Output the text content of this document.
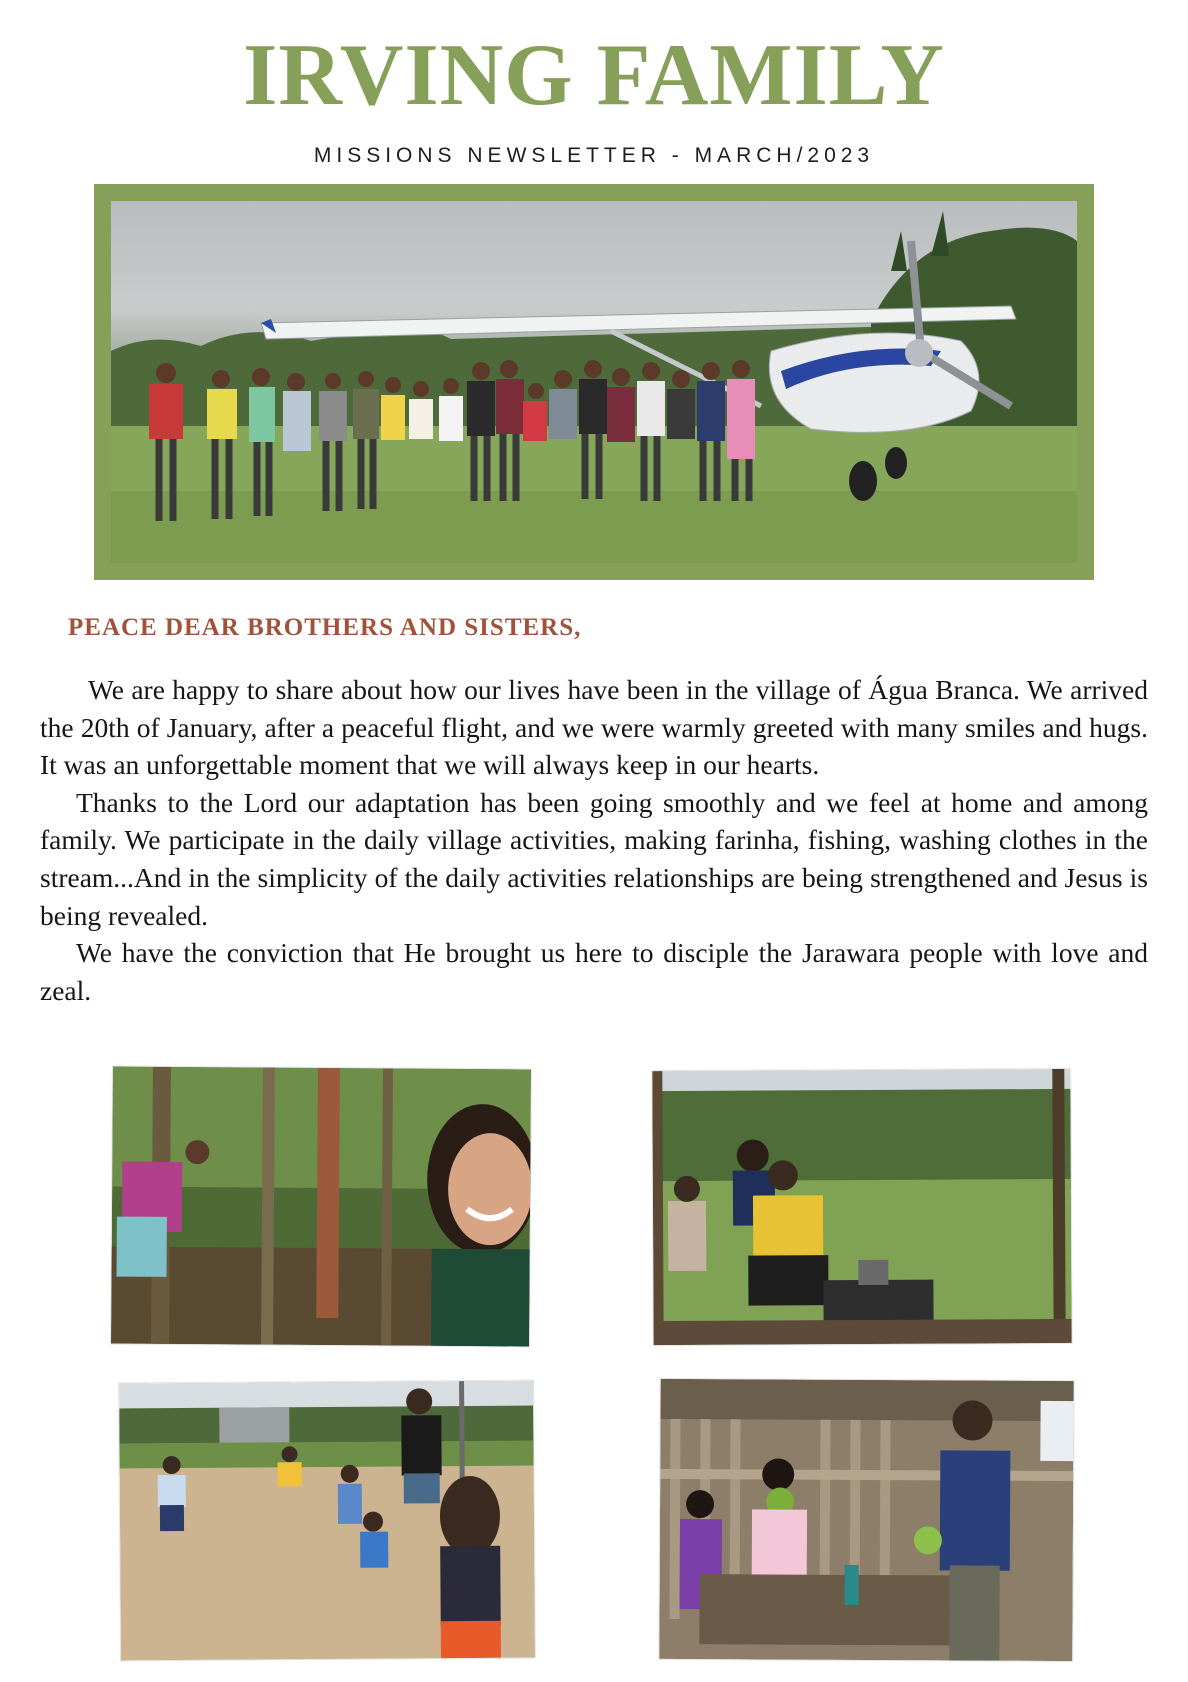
IRVING FAMILY
MISSIONS NEWSLETTER - MARCH/2023
PEACE DEAR BROTHERS AND SISTERS,

We are happy to share about how our lives have been in the village of Água Branca. We arrived the 20th of January, after a peaceful flight, and we were warmly greeted with many smiles and hugs. It was an unforgettable moment that we will always keep in our hearts.

Thanks to the Lord our adaptation has been going smoothly and we feel at home and among family. We participate in the daily village activities, making farinha, fishing, washing clothes in the stream...And in the simplicity of the daily activities relationships are being strengthened and Jesus is being revealed.

We have the conviction that He brought us here to disciple the Jarawara people with love and zeal.
